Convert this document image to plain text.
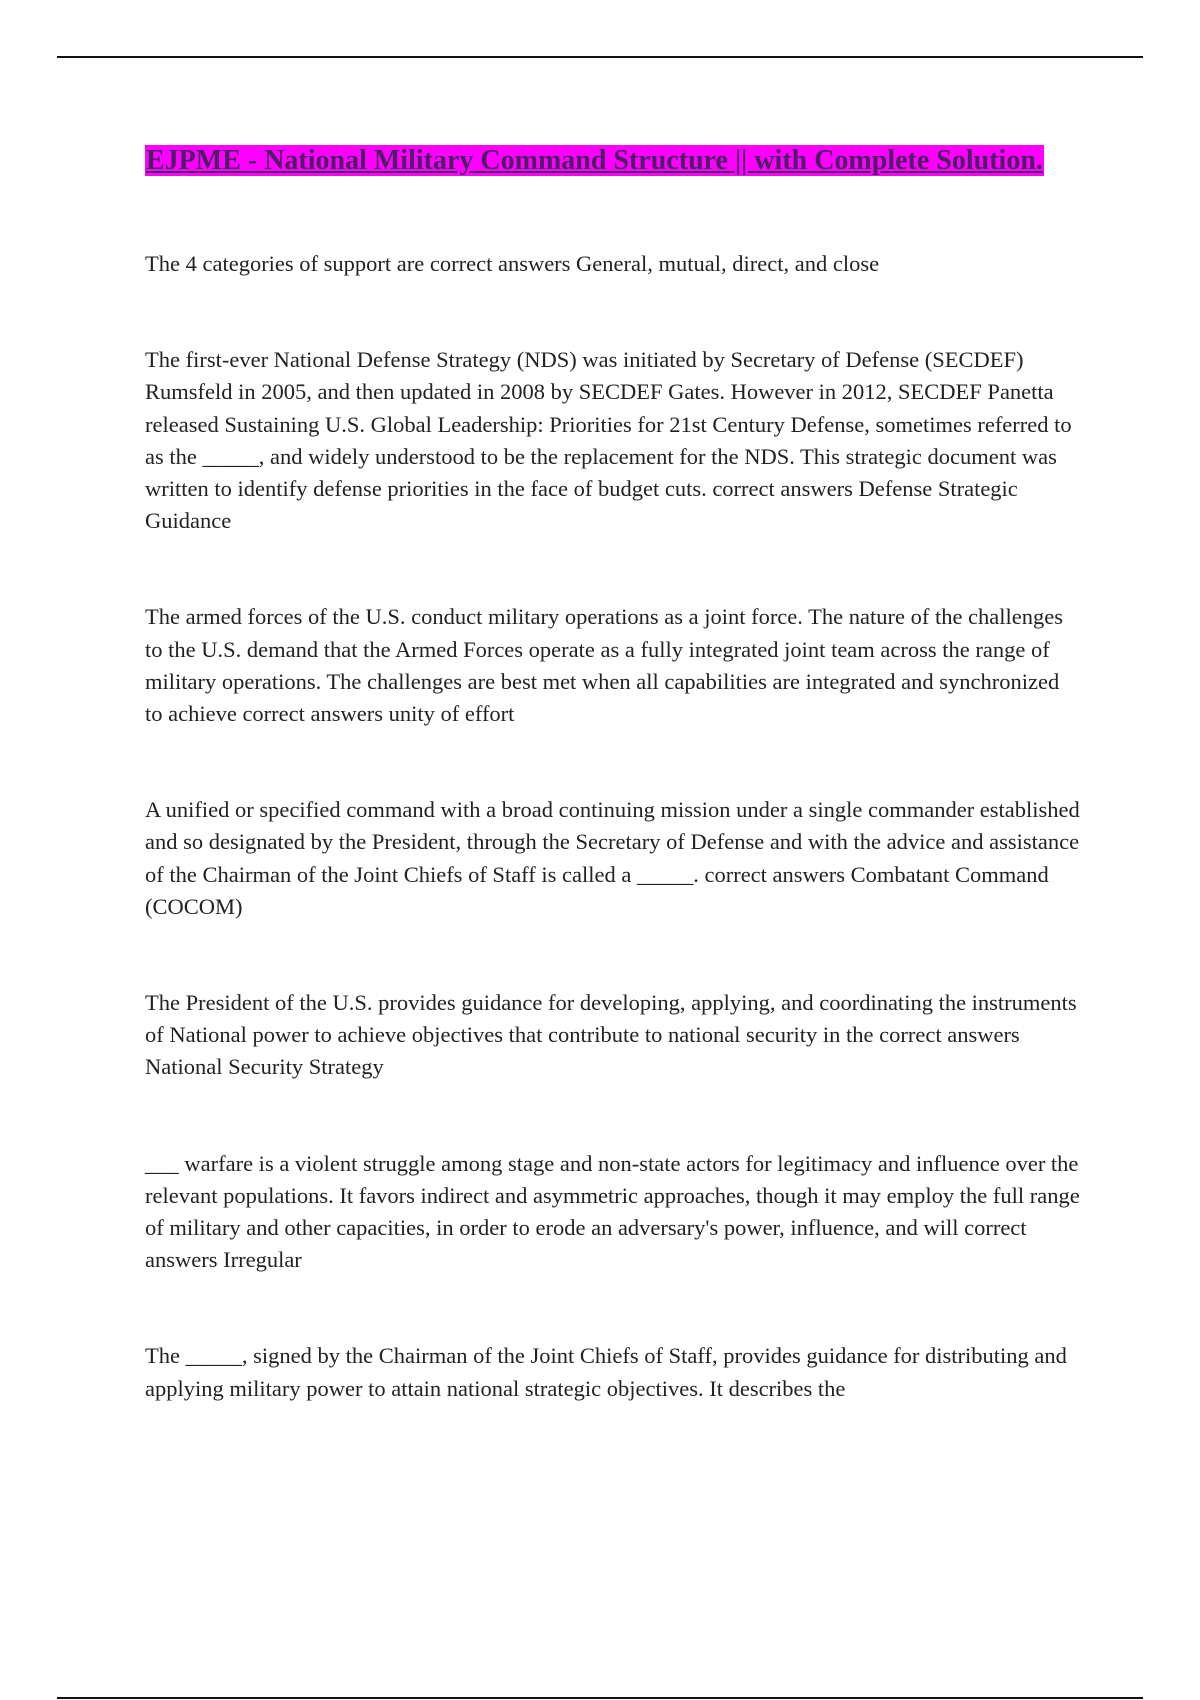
EJPME - National Military Command Structure || with Complete Solution.

The 4 categories of support are correct answers General, mutual, direct, and close

The first-ever National Defense Strategy (NDS) was initiated by Secretary of Defense (SECDEF) Rumsfeld in 2005, and then updated in 2008 by SECDEF Gates. However in 2012, SECDEF Panetta released Sustaining U.S. Global Leadership: Priorities for 21st Century Defense, sometimes referred to as the _____, and widely understood to be the replacement for the NDS. This strategic document was written to identify defense priorities in the face of budget cuts. correct answers Defense Strategic Guidance

The armed forces of the U.S. conduct military operations as a joint force. The nature of the challenges to the U.S. demand that the Armed Forces operate as a fully integrated joint team across the range of military operations. The challenges are best met when all capabilities are integrated and synchronized to achieve correct answers unity of effort

A unified or specified command with a broad continuing mission under a single commander established and so designated by the President, through the Secretary of Defense and with the advice and assistance of the Chairman of the Joint Chiefs of Staff is called a _____. correct answers Combatant Command (COCOM)

The President of the U.S. provides guidance for developing, applying, and coordinating the instruments of National power to achieve objectives that contribute to national security in the correct answers National Security Strategy

___ warfare is a violent struggle among stage and non-state actors for legitimacy and influence over the relevant populations. It favors indirect and asymmetric approaches, though it may employ the full range of military and other capacities, in order to erode an adversary's power, influence, and will correct answers Irregular

The _____, signed by the Chairman of the Joint Chiefs of Staff, provides guidance for distributing and applying military power to attain national strategic objectives. It describes the
